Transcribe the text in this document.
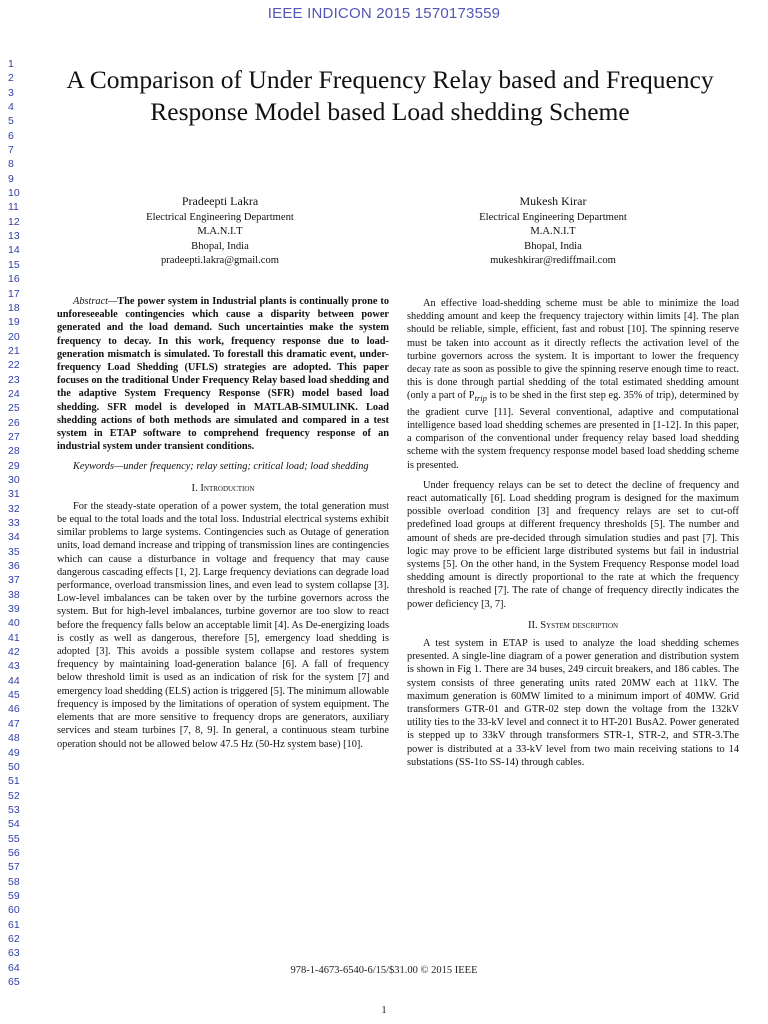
IEEE INDICON 2015 1570173559
1
2
3
4
5
6
7
8
9
10
11
12
13
14
15
16
17
18
19
20
21
22
23
24
25
26
27
28
29
30
31
32
33
34
35
36
37
38
39
40
41
42
43
44
45
46
47
48
49
50
51
52
53
54
55
56
57
58
59
60
61
62
63
64
65
A Comparison of Under Frequency Relay based and Frequency Response Model based Load shedding Scheme
Pradeepti Lakra
Electrical Engineering Department
M.A.N.I.T
Bhopal, India
pradeepti.lakra@gmail.com
Mukesh Kirar
Electrical Engineering Department
M.A.N.I.T
Bhopal, India
mukeshkirar@rediffmail.com

Abstract—The power system in Industrial plants is continually prone to unforeseeable contingencies which cause a disparity between power generated and the load demand. Such uncertainties make the system frequency to decay. In this work, frequency response due to load-generation mismatch is simulated. To forestall this dramatic event, under- frequency Load Shedding (UFLS) strategies are adopted. This paper focuses on the traditional Under Frequency Relay based load shedding and the adaptive System Frequency Response (SFR) model based load shedding. SFR model is developed in MATLAB-SIMULINK. Load shedding actions of both methods are simulated and compared in a test system in ETAP software to comprehend frequency response of an industrial system under transient conditions.

Keywords—under frequency; relay setting; critical load; load shedding

I. Introduction

For the steady-state operation of a power system, the total generation must be equal to the total loads and the total loss. Industrial electrical systems exhibit similar problems to large systems. Contingencies such as Outage of generation units, load demand increase and tripping of transmission lines are contingencies which can cause a disturbance in voltage and frequency that may cause dangerous cascading effects [1, 2]. Large frequency deviations can degrade load performance, overload transmission lines, and even lead to system collapse [3]. Low-level imbalances can be taken over by the turbine governors across the system. But for high-level imbalances, turbine governor are too slow to react before the frequency falls below an acceptable limit [4]. As De-energizing loads is costly as well as dangerous, therefore [5], emergency load shedding is adopted [3]. This avoids a possible system collapse and restores system frequency by maintaining load-generation balance [6]. A fall of frequency below threshold limit is used as an indication of risk for the system [7] and emergency load shedding (ELS) action is triggered [5]. The minimum allowable frequency is imposed by the limitations of operation of system equipment. The elements that are more sensitive to frequency drops are generators, auxiliary services and steam turbines [7, 8, 9]. In general, a continuous steam turbine operation should not be allowed below 47.5 Hz (50-Hz system base) [10].

An effective load-shedding scheme must be able to minimize the load shedding amount and keep the frequency trajectory within limits [4]. The plan should be reliable, simple, efficient, fast and robust [10]. The spinning reserve must be taken into account as it directly reflects the activation level of the turbine governors across the system. It is important to lower the frequency decay rate as soon as possible to give the spinning reserve enough time to react. this is done through partial shedding of the total estimated shedding amount (only a part of $P_{trip}$ is to be shed in the first step eg. 35% of trip), determined by the gradient curve [11]. Several conventional, adaptive and computational intelligence based load shedding schemes are presented in [1-12]. In this paper, a comparison of the conventional under frequency relay based load shedding scheme with the system frequency response model based load shedding scheme is presented.

Under frequency relays can be set to detect the decline of frequency and react automatically [6]. Load shedding program is designed for the maximum possible overload condition [3] and frequency relays are set to cut-off predefined load groups at different frequency thresholds [5]. The number and amount of sheds are pre-decided through simulation studies and past [7]. This logic may prove to be efficient large distributed systems but fail in industrial systems [5]. On the other hand, in the System Frequency Response model load shedding amount is directly proportional to the rate at which the frequency threshold is reached [7]. The rate of change of frequency directly indicates the power deficiency [3, 7].

II. System description

A test system in ETAP is used to analyze the load shedding schemes presented. A single-line diagram of a power generation and distribution system is shown in Fig 1. There are 34 buses, 249 circuit breakers, and 186 cables. The system consists of three generating units rated 20MW each at 11kV. The maximum generation is 60MW limited to a minimum import of 40MW. Grid transformers GTR-01 and GTR-02 step down the voltage from the 132kV utility ties to the 33-kV level and connect it to HT-201 BusA2. Power generated is stepped up to 33kV through transformers STR-1, STR-2, and STR-3.The power is distributed at a 33-kV level from two main receiving stations to 14 substations (SS-1to SS-14) through cables.

978-1-4673-6540-6/15/$31.00 © 2015 IEEE
1
